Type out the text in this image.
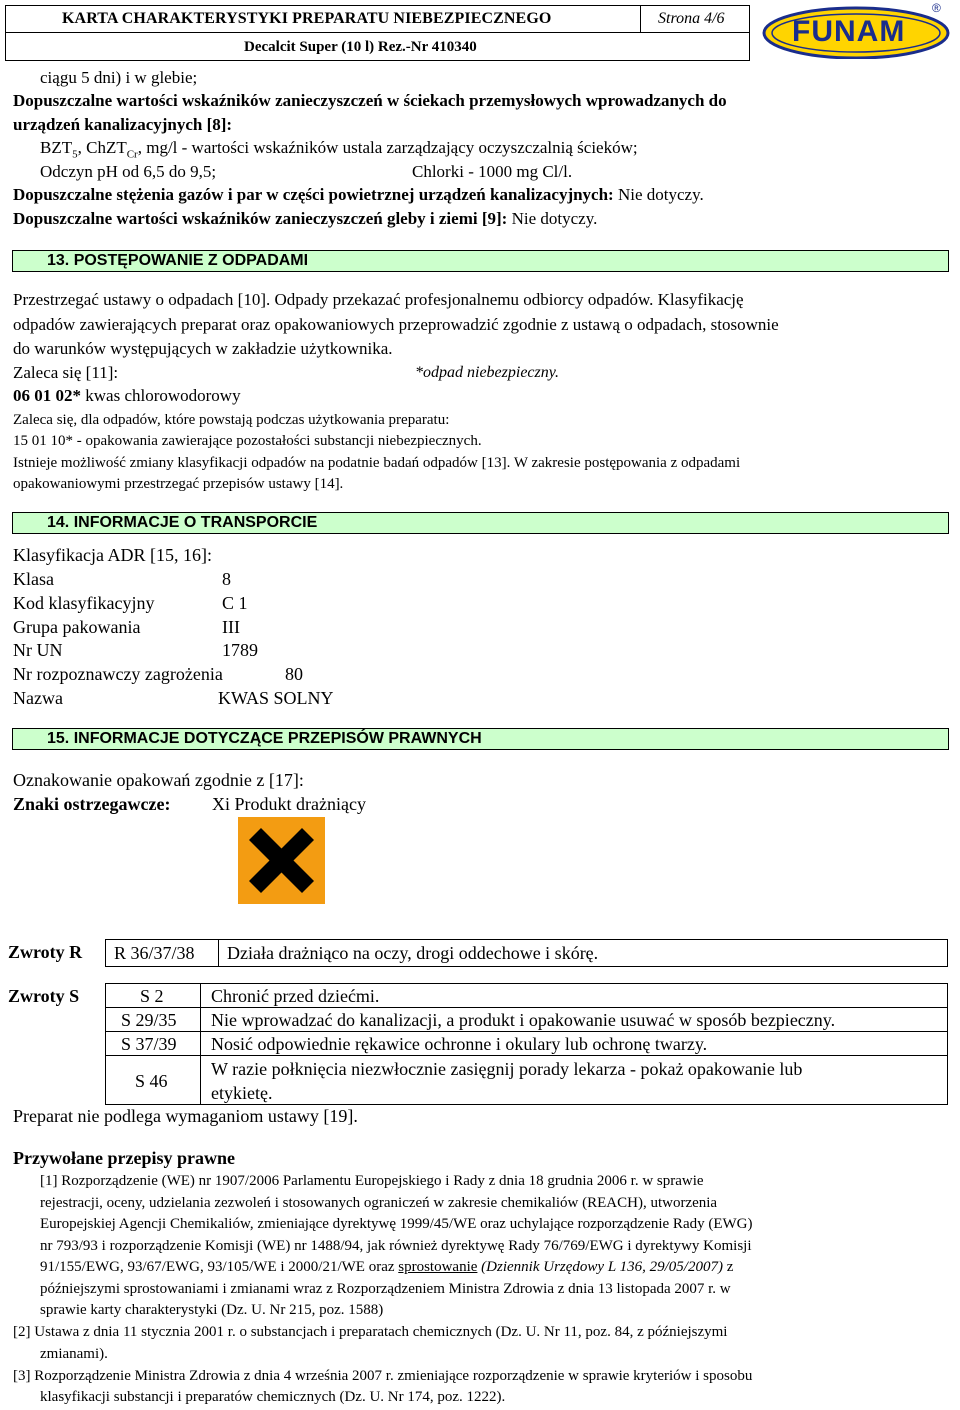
KARTA CHARAKTERYSTYKI PREPARATU NIEBEZPIECZNEGO	Strona 4/6
Decalcit Super (10 l) Rez.-Nr 410340	FUNAM
®
ciągu 5 dni) i w glebie;
Dopuszczalne wartości wskaźników zanieczyszczeń w ściekach przemysłowych wprowadzanych do
urządzeń kanalizacyjnych [8]:
$BZT_5$, ChZT$_{Cr}$, mg/l - wartości wskaźników ustala zarządzający oczyszczalnią ścieków;
Odczyn pH od 6,5 do 9,5;	Chlorki - 1000 mg Cl/l.
Dopuszczalne stężenia gazów i par w części powietrznej urządzeń kanalizacyjnych: Nie dotyczy.
Dopuszczalne wartości wskaźników zanieczyszczeń gleby i ziemi [9]: Nie dotyczy.
13. POSTĘPOWANIE Z ODPADAMI
Przestrzegać ustawy o odpadach [10]. Odpady przekazać profesjonalnemu odbiorcy odpadów. Klasyfikację
odpadów zawierających preparat oraz opakowaniowych przeprowadzić zgodnie z ustawą o odpadach, stosownie
do warunków występujących w zakładzie użytkownika.
Zaleca się [11]:	*odpad niebezpieczny.
06 01 02* kwas chlorowodorowy
Zaleca się, dla odpadów, które powstają podczas użytkowania preparatu:
15 01 10* - opakowania zawierające pozostałości substancji niebezpiecznych.
Istnieje możliwość zmiany klasyfikacji odpadów na podatnie badań odpadów [13]. W zakresie postępowania z odpadami
opakowaniowymi przestrzegać przepisów ustawy [14].
14. INFORMACJE O TRANSPORCIE
Klasyfikacja ADR [15, 16]:
Klasa	8
Kod klasyfikacyjny	C 1
Grupa pakowania	III
Nr UN	1789
Nr rozpoznawczy zagrożenia	80
Nazwa	KWAS SOLNY
15. INFORMACJE DOTYCZĄCE PRZEPISÓW PRAWNYCH
Oznakowanie opakowań zgodnie z [17]:
Znaki ostrzegawcze: Xi Produkt drażniący
Zwroty R R 36/37/38 Działa drażniąco na oczy, drogi oddechowe i skórę.
Zwroty S	S 2	Chronić przed dziećmi.
S 29/35 Nie wprowadzać do kanalizacji, a produkt i opakowanie usuwać w sposób bezpieczny.
S 37/39 Nosić odpowiednie rękawice ochronne i okulary lub ochronę twarzy.
S 46
W razie połknięcia niezwłocznie zasięgnij porady lekarza - pokaż opakowanie lub
etykietę.
Preparat nie podlega wymaganiom ustawy [19].
Przywołane przepisy prawne
[1] Rozporządzenie (WE) nr 1907/2006 Parlamentu Europejskiego i Rady z dnia 18 grudnia 2006 r. w sprawie
rejestracji, oceny, udzielania zezwoleń i stosowanych ograniczeń w zakresie chemikaliów (REACH), utworzenia
Europejskiej Agencji Chemikaliów, zmieniające dyrektywę 1999/45/WE oraz uchylające rozporządzenie Rady (EWG)
nr 793/93 i rozporządzenie Komisji (WE) nr 1488/94, jak również dyrektywę Rady 76/769/EWG i dyrektywy Komisji
91/155/EWG, 93/67/EWG, 93/105/WE i 2000/21/WE oraz sprostowanie (Dziennik Urzędowy L 136, 29/05/2007) z
późniejszymi sprostowaniami i zmianami wraz z Rozporządzeniem Ministra Zdrowia z dnia 13 listopada 2007 r. w
sprawie karty charakterystyki (Dz. U. Nr 215, poz. 1588)
[2] Ustawa z dnia 11 stycznia 2001 r. o substancjach i preparatach chemicznych (Dz. U. Nr 11, poz. 84, z późniejszymi
zmianami).
[3] Rozporządzenie Ministra Zdrowia z dnia 4 września 2007 r. zmieniające rozporządzenie w sprawie kryteriów i sposobu
klasyfikacji substancji i preparatów chemicznych (Dz. U. Nr 174, poz. 1222).
